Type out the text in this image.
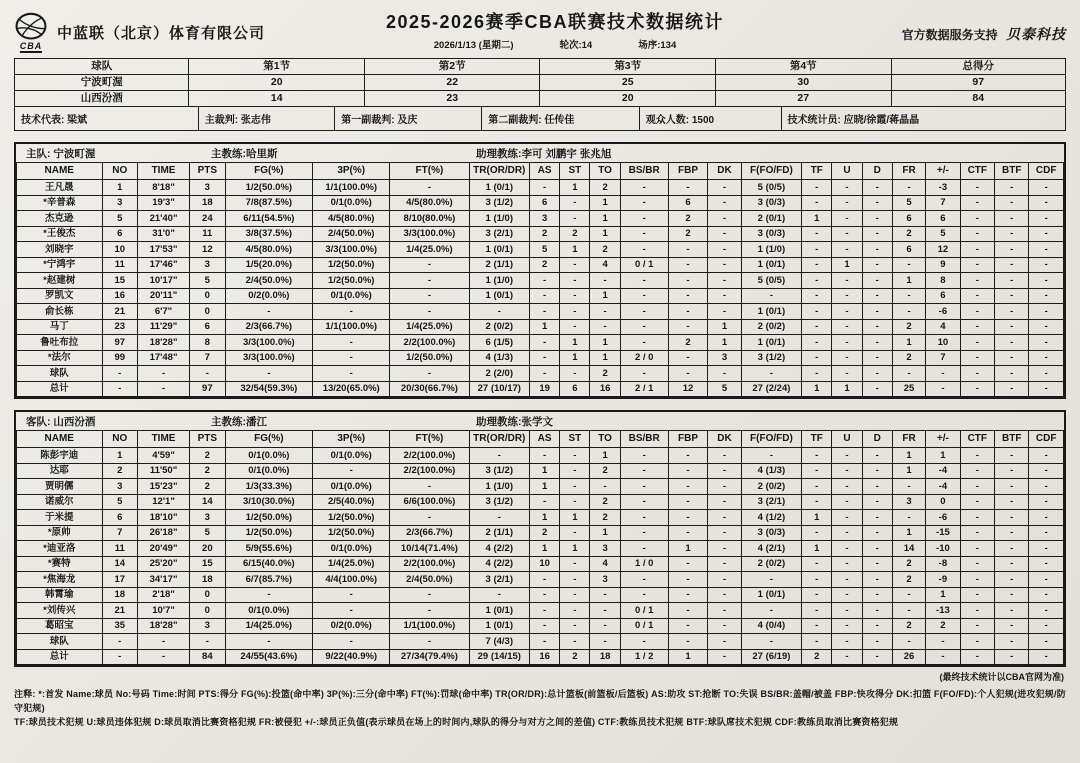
CBA
中蓝联（北京）体育有限公司
2025-2026赛季CBA联赛技术数据统计
2026/1/13 (星期二)	轮次:14	场序:134
官方数据服务支持 贝泰科技
球队	第1节	第2节	第3节	第4节	总得分
宁波町渥	20	22	25	30	97
山西汾酒	14	23	20	27	84
技术代表: 梁斌	主裁判: 张志伟	第一副裁判: 及庆	第二副裁判: 任传佳	观众人数: 1500	技术统计员: 应晓/徐霞/蒋晶晶
主队: 宁波町渥	主教练:哈里斯	助理教练:李可 刘鹏宇 张兆旭
NAME	NO	TIME	PTS	FG(%)	3P(%)	FT(%)	TR(OR/DR)	AS	ST	TO	BS/BR	FBP	DK	F(FO/FD)	TF	U	D	FR	+/-	CTF	BTF	CDF
王凡晟	1	8'18"	3	1/2(50.0%)	1/1(100.0%)	-	1 (0/1)	-	1	2	-	-	-	5 (0/5)	-	-	-	-	-3	-	-	-
*辛普森	3	19'3"	18	7/8(87.5%)	0/1(0.0%)	4/5(80.0%)	3 (1/2)	6	-	1	-	6	-	3 (0/3)	-	-	-	5	7	-	-	-
杰克逊	5	21'40"	24	6/11(54.5%)	4/5(80.0%)	8/10(80.0%)	1 (1/0)	3	-	1	-	2	-	2 (0/1)	1	-	-	6	6	-	-	-
*王俊杰	6	31'0"	11	3/8(37.5%)	2/4(50.0%)	3/3(100.0%)	3 (2/1)	2	2	1	-	2	-	3 (0/3)	-	-	-	2	5	-	-	-
刘晓宇	10	17'53"	12	4/5(80.0%)	3/3(100.0%)	1/4(25.0%)	1 (0/1)	5	1	2	-	-	-	1 (1/0)	-	-	-	6	12	-	-	-
*宁鸿宇	11	17'46"	3	1/5(20.0%)	1/2(50.0%)	-	2 (1/1)	2	-	4	0 / 1	-	-	1 (0/1)	-	1	-	-	9	-	-	-
*赵建树	15	10'17"	5	2/4(50.0%)	1/2(50.0%)	-	1 (1/0)	-	-	-	-	-	-	5 (0/5)	-	-	-	1	8	-	-	-
罗凯文	16	20'11"	0	0/2(0.0%)	0/1(0.0%)	-	1 (0/1)	-	-	1	-	-	-	-	-	-	-	-	6	-	-	-
俞长栋	21	6'7"	0	-	-	-	-	-	-	-	-	-	-	1 (0/1)	-	-	-	-	-6	-	-	-
马丁	23	11'29"	6	2/3(66.7%)	1/1(100.0%)	1/4(25.0%)	2 (0/2)	1	-	-	-	-	1	2 (0/2)	-	-	-	2	4	-	-	-
鲁吐布拉	97	18'28"	8	3/3(100.0%)	-	2/2(100.0%)	6 (1/5)	-	1	1	-	2	1	1 (0/1)	-	-	-	1	10	-	-	-
*法尔	99	17'48"	7	3/3(100.0%)	-	1/2(50.0%)	4 (1/3)	-	1	1	2 / 0	-	3	3 (1/2)	-	-	-	2	7	-	-	-
球队	-	-	-	-	-	-	2 (2/0)	-	-	2	-	-	-	-	-	-	-	-	-	-	-	-
总计	-	-	97	32/54(59.3%)	13/20(65.0%)	20/30(66.7%)	27 (10/17)	19	6	16	2 / 1	12	5	27 (2/24)	1	1	-	25	-	-	-	-
客队: 山西汾酒	主教练:潘江	助理教练:张学文
NAME	NO	TIME	PTS	FG(%)	3P(%)	FT(%)	TR(OR/DR)	AS	ST	TO	BS/BR	FBP	DK	F(FO/FD)	TF	U	D	FR	+/-	CTF	BTF	CDF
陈彭宇迪	1	4'59"	2	0/1(0.0%)	0/1(0.0%)	2/2(100.0%)	-	-	-	1	-	-	-	-	-	-	-	1	1	-	-	-
达耶	2	11'50"	2	0/1(0.0%)	-	2/2(100.0%)	3 (1/2)	1	-	2	-	-	-	4 (1/3)	-	-	-	1	-4	-	-	-
贾明儒	3	15'23"	2	1/3(33.3%)	0/1(0.0%)	-	1 (1/0)	1	-	-	-	-	-	2 (0/2)	-	-	-	-	-4	-	-	-
诺威尔	5	12'1"	14	3/10(30.0%)	2/5(40.0%)	6/6(100.0%)	3 (1/2)	-	-	2	-	-	-	3 (2/1)	-	-	-	3	0	-	-	-
于米提	6	18'10"	3	1/2(50.0%)	1/2(50.0%)	-	-	1	1	2	-	-	-	4 (1/2)	1	-	-	-	-6	-	-	-
*原帅	7	26'18"	5	1/2(50.0%)	1/2(50.0%)	2/3(66.7%)	2 (1/1)	2	-	1	-	-	-	3 (0/3)	-	-	-	1	-15	-	-	-
*迪亚洛	11	20'49"	20	5/9(55.6%)	0/1(0.0%)	10/14(71.4%)	4 (2/2)	1	1	3	-	1	-	4 (2/1)	1	-	-	14	-10	-	-	-
*赛特	14	25'20"	15	6/15(40.0%)	1/4(25.0%)	2/2(100.0%)	4 (2/2)	10	-	4	1 / 0	-	-	2 (0/2)	-	-	-	2	-8	-	-	-
*焦海龙	17	34'17"	18	6/7(85.7%)	4/4(100.0%)	2/4(50.0%)	3 (2/1)	-	-	3	-	-	-	-	-	-	-	2	-9	-	-	-
韩霄瑜	18	2'18"	0	-	-	-	-	-	-	-	-	-	-	1 (0/1)	-	-	-	-	1	-	-	-
*刘传兴	21	10'7"	0	0/1(0.0%)	-	-	1 (0/1)	-	-	-	0 / 1	-	-	-	-	-	-	-	-13	-	-	-
葛昭宝	35	18'28"	3	1/4(25.0%)	0/2(0.0%)	1/1(100.0%)	1 (0/1)	-	-	-	0 / 1	-	-	4 (0/4)	-	-	-	2	2	-	-	-
球队	-	-	-	-	-	-	7 (4/3)	-	-	-	-	-	-	-	-	-	-	-	-	-	-	-
总计	-	-	84	24/55(43.6%)	9/22(40.9%)	27/34(79.4%)	29 (14/15)	16	2	18	1 / 2	1	-	27 (6/19)	2	-	-	26	-	-	-	-
(最终技术统计以CBA官网为准)
注释: *:首发 Name:球员 No:号码 Time:时间 PTS:得分 FG(%):投篮(命中率) 3P(%):三分(命中率) FT(%):罚球(命中率) TR(OR/DR):总计篮板(前篮板/后篮板) AS:助攻 ST:抢断 TO:失误 BS/BR:盖帽/被盖 FBP:快攻得分 DK:扣篮 F(FO/FD):个人犯规(进攻犯规/防守犯规)
TF:球员技术犯规 U:球员违体犯规 D:球员取消比赛资格犯规 FR:被侵犯 +/-:球员正负值(表示球员在场上的时间内,球队的得分与对方之间的差值) CTF:教练员技术犯规 BTF:球队席技术犯规 CDF:教练员取消比赛资格犯规
